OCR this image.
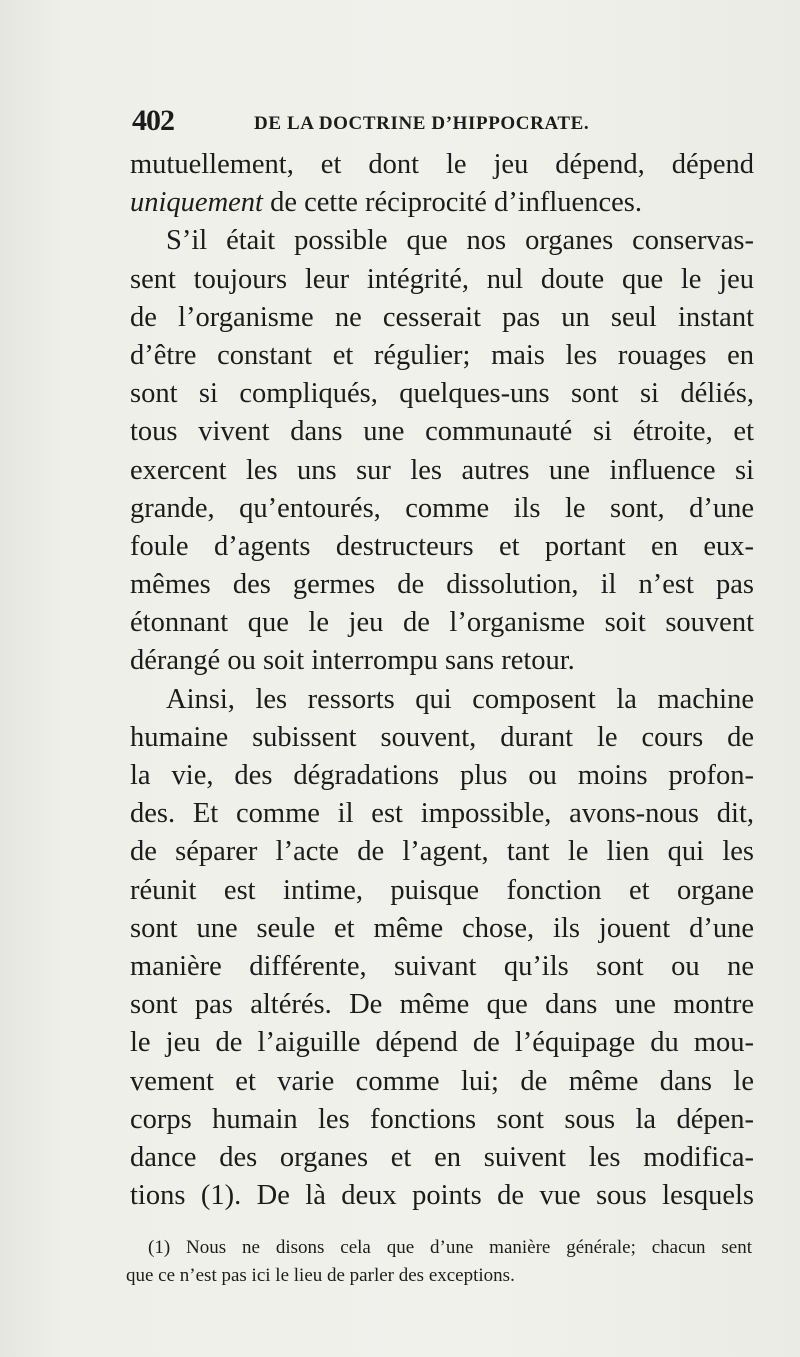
402	DE LA DOCTRINE D’HIPPOCRATE.
mutuellement, et dont le jeu dépend, dépend
uniquement de cette réciprocité d’influences.
S’il était possible que nos organes conservas-
sent toujours leur intégrité, nul doute que le jeu
de l’organisme ne cesserait pas un seul instant
d’être constant et régulier; mais les rouages en
sont si compliqués, quelques-uns sont si déliés,
tous vivent dans une communauté si étroite, et
exercent les uns sur les autres une influence si
grande, qu’entourés, comme ils le sont, d’une
foule d’agents destructeurs et portant en eux-
mêmes des germes de dissolution, il n’est pas
étonnant que le jeu de l’organisme soit souvent
dérangé ou soit interrompu sans retour.
Ainsi, les ressorts qui composent la machine
humaine subissent souvent, durant le cours de
la vie, des dégradations plus ou moins profon-
des. Et comme il est impossible, avons-nous dit,
de séparer l’acte de l’agent, tant le lien qui les
réunit est intime, puisque fonction et organe
sont une seule et même chose, ils jouent d’une
manière différente, suivant qu’ils sont ou ne
sont pas altérés. De même que dans une montre
le jeu de l’aiguille dépend de l’équipage du mou-
vement et varie comme lui; de même dans le
corps humain les fonctions sont sous la dépen-
dance des organes et en suivent les modifica-
tions (1). De là deux points de vue sous lesquels
(1) Nous ne disons cela que d’une manière générale; chacun sent
que ce n’est pas ici le lieu de parler des exceptions.
